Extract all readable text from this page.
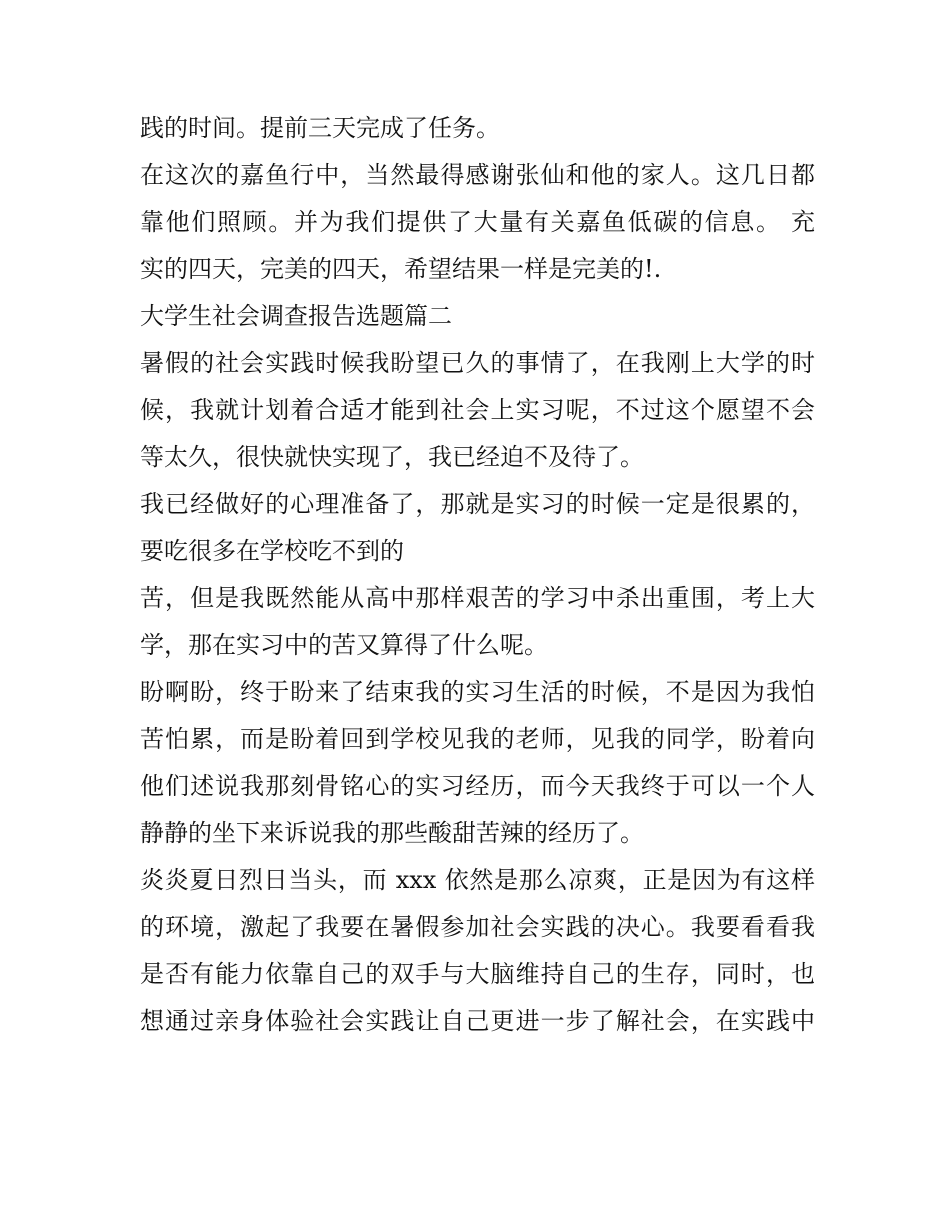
践的时间。提前三天完成了任务。
在这次的嘉鱼行中，当然最得感谢张仙和他的家人。这几日都
靠他们照顾。并为我们提供了大量有关嘉鱼低碳的信息。 充
实的四天，完美的四天，希望结果一样是完美的!.
大学生社会调查报告选题篇二
暑假的社会实践时候我盼望已久的事情了，在我刚上大学的时
候，我就计划着合适才能到社会上实习呢，不过这个愿望不会
等太久，很快就快实现了，我已经迫不及待了。
我已经做好的心理准备了，那就是实习的时候一定是很累的，
要吃很多在学校吃不到的
苦，但是我既然能从高中那样艰苦的学习中杀出重围，考上大
学，那在实习中的苦又算得了什么呢。
盼啊盼，终于盼来了结束我的实习生活的时候，不是因为我怕
苦怕累，而是盼着回到学校见我的老师，见我的同学，盼着向
他们述说我那刻骨铭心的实习经历，而今天我终于可以一个人
静静的坐下来诉说我的那些酸甜苦辣的经历了。
炎炎夏日烈日当头，而 xxx 依然是那么凉爽，正是因为有这样
的环境，激起了我要在暑假参加社会实践的决心。我要看看我
是否有能力依靠自己的双手与大脑维持自己的生存，同时，也
想通过亲身体验社会实践让自己更进一步了解社会，在实践中
